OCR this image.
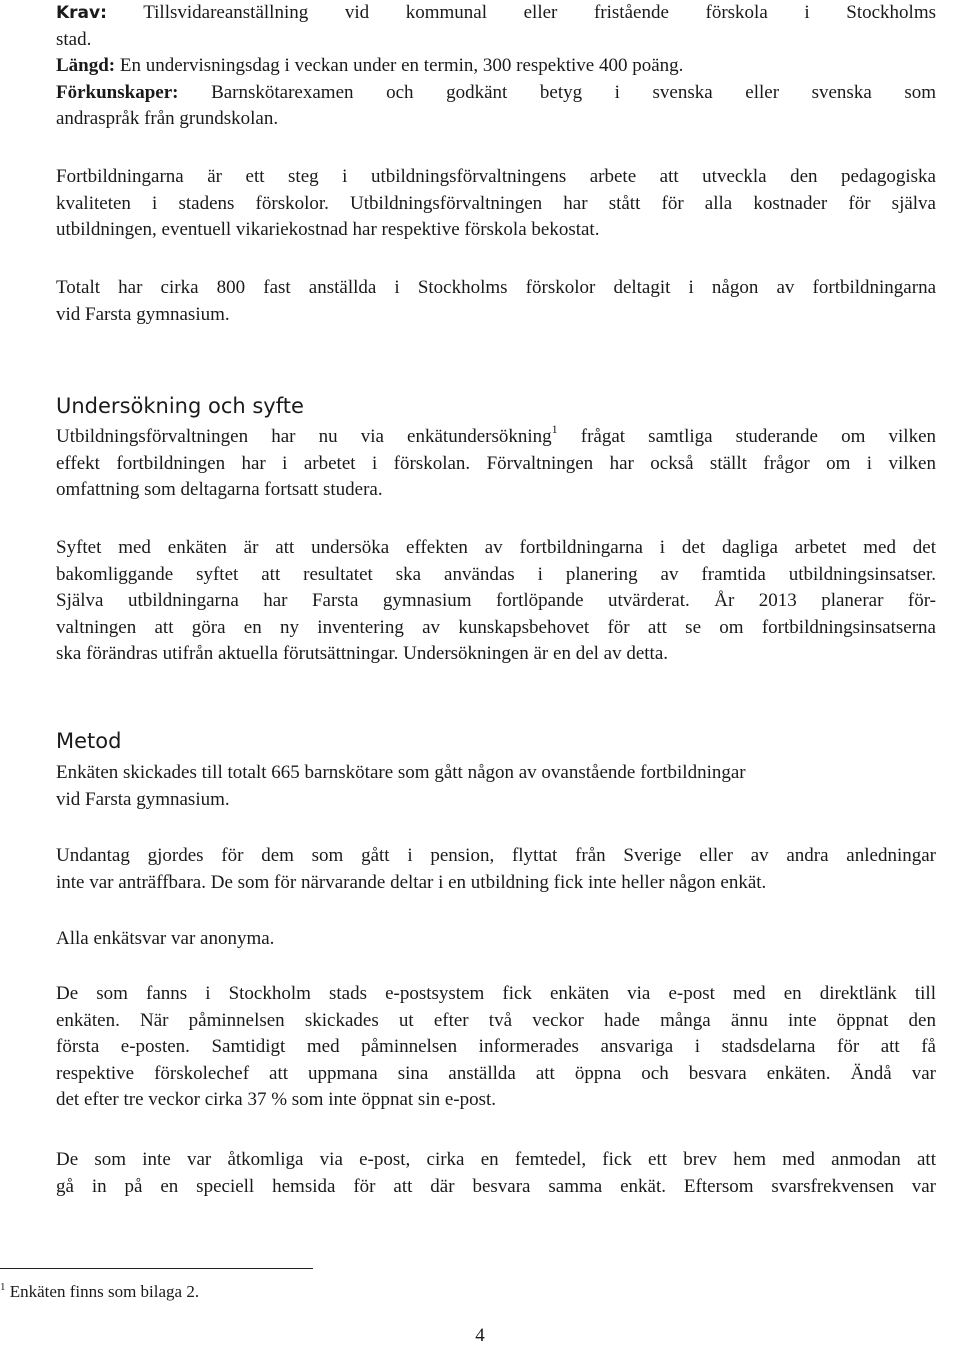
Krav: Tillsvidareanställning vid kommunal eller fristående förskola i Stockholms
stad.
Längd: En undervisningsdag i veckan under en termin, 300 respektive 400 poäng.
Förkunskaper: Barnskötarexamen och godkänt betyg i svenska eller svenska som
andraspråk från grundskolan.
Fortbildningarna är ett steg i utbildningsförvaltningens arbete att utveckla den pedagogiska
kvaliteten i stadens förskolor. Utbildningsförvaltningen har stått för alla kostnader för själva
utbildningen, eventuell vikariekostnad har respektive förskola bekostat.
Totalt har cirka 800 fast anställda i Stockholms förskolor deltagit i någon av fortbildningarna
vid Farsta gymnasium.
Undersökning och syfte
Utbildningsförvaltningen har nu via enkätundersökning$^1$ frågat samtliga studerande om vilken
effekt fortbildningen har i arbetet i förskolan. Förvaltningen har också ställt frågor om i vilken
omfattning som deltagarna fortsatt studera.
Syftet med enkäten är att undersöka effekten av fortbildningarna i det dagliga arbetet med det
bakomliggande syftet att resultatet ska användas i planering av framtida utbildningsinsatser.
Själva utbildningarna har Farsta gymnasium fortlöpande utvärderat. År 2013 planerar för-
valtningen att göra en ny inventering av kunskapsbehovet för att se om fortbildningsinsatserna
ska förändras utifrån aktuella förutsättningar. Undersökningen är en del av detta.
Metod
Enkäten skickades till totalt 665 barnskötare som gått någon av ovanstående fortbildningar
vid Farsta gymnasium.
Undantag gjordes för dem som gått i pension, flyttat från Sverige eller av andra anledningar
inte var anträffbara. De som för närvarande deltar i en utbildning fick inte heller någon enkät.
Alla enkätsvar var anonyma.
De som fanns i Stockholm stads e-postsystem fick enkäten via e-post med en direktlänk till
enkäten. När påminnelsen skickades ut efter två veckor hade många ännu inte öppnat den
första e-posten. Samtidigt med påminnelsen informerades ansvariga i stadsdelarna för att få
respektive förskolechef att uppmana sina anställda att öppna och besvara enkäten. Ändå var
det efter tre veckor cirka 37 % som inte öppnat sin e-post.
De som inte var åtkomliga via e-post, cirka en femtedel, fick ett brev hem med anmodan att
gå in på en speciell hemsida för att där besvara samma enkät. Eftersom svarsfrekvensen var
$^1$ Enkäten finns som bilaga 2.
4
